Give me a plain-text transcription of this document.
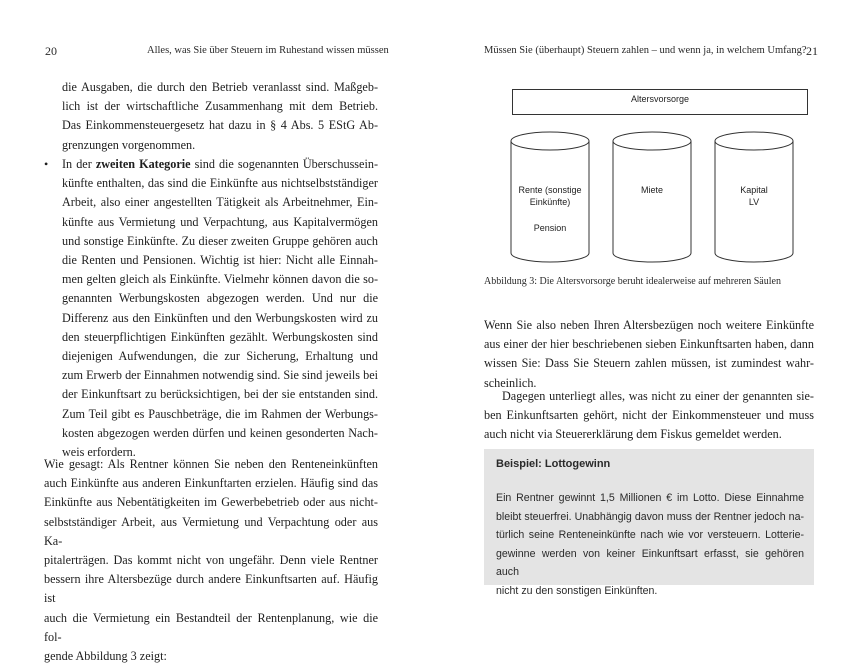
20	Alles, was Sie über Steuern im Ruhestand wissen müssen
die Ausgaben, die durch den Betrieb veranlasst sind. Maßgeb-
lich ist der wirtschaftliche Zusammenhang mit dem Betrieb.
Das Einkommensteuergesetz hat dazu in § 4 Abs. 5 EStG Ab-
grenzungen vorgenommen.
• In der zweiten Kategorie sind die sogenannten Überschussein-
künfte enthalten, das sind die Einkünfte aus nichtselbstständiger
Arbeit, also einer angestellten Tätigkeit als Arbeitnehmer, Ein-
künfte aus Vermietung und Verpachtung, aus Kapitalvermögen
und sonstige Einkünfte. Zu dieser zweiten Gruppe gehören auch
die Renten und Pensionen. Wichtig ist hier: Nicht alle Einnah-
men gelten gleich als Einkünfte. Vielmehr können davon die so-
genannten Werbungskosten abgezogen werden. Und nur die
Differenz aus den Einkünften und den Werbungskosten wird zu
den steuerpflichtigen Einkünften gezählt. Werbungskosten sind
diejenigen Aufwendungen, die zur Sicherung, Erhaltung und
zum Erwerb der Einnahmen notwendig sind. Sie sind jeweils bei
der Einkunftsart zu berücksichtigen, bei der sie entstanden sind.
Zum Teil gibt es Pauschbeträge, die im Rahmen der Werbungs-
kosten abgezogen werden dürfen und keinen gesonderten Nach-
weis erfordern.
Wie gesagt: Als Rentner können Sie neben den Renteneinkünften
auch Einkünfte aus anderen Einkunftarten erzielen. Häufig sind das
Einkünfte aus Nebentätigkeiten im Gewerbebetrieb oder aus nicht-
selbstständiger Arbeit, aus Vermietung und Verpachtung oder aus Ka-
pitalerträgen. Das kommt nicht von ungefähr. Denn viele Rentner
bessern ihre Altersbezüge durch andere Einkunftsarten auf. Häufig ist
auch die Vermietung ein Bestandteil der Rentenplanung, wie die fol-
gende Abbildung 3 zeigt:
Müssen Sie (überhaupt) Steuern zahlen – und wenn ja, in welchem Umfang? 21
Altersvorsorge
Rente (sonstige
Einkünfte)
Pension
Miete	Kapital
LV
Abbildung 3: Die Altersvorsorge beruht idealerweise auf mehreren Säulen
Wenn Sie also neben Ihren Altersbezügen noch weitere Einkünfte
aus einer der hier beschriebenen sieben Einkunftsarten haben, dann
wissen Sie: Dass Sie Steuern zahlen müssen, ist zumindest wahr-
scheinlich.
Dagegen unterliegt alles, was nicht zu einer der genannten sie-
ben Einkunftsarten gehört, nicht der Einkommensteuer und muss
auch nicht via Steuererklärung dem Fiskus gemeldet werden.
Beispiel: Lottogewinn
Ein Rentner gewinnt 1,5 Millionen € im Lotto. Diese Einnahme
bleibt steuerfrei. Unabhängig davon muss der Rentner jedoch na-
türlich seine Renteneinkünfte nach wie vor versteuern. Lotterie-
gewinne werden von keiner Einkunftsart erfasst, sie gehören auch
nicht zu den sonstigen Einkünften.
